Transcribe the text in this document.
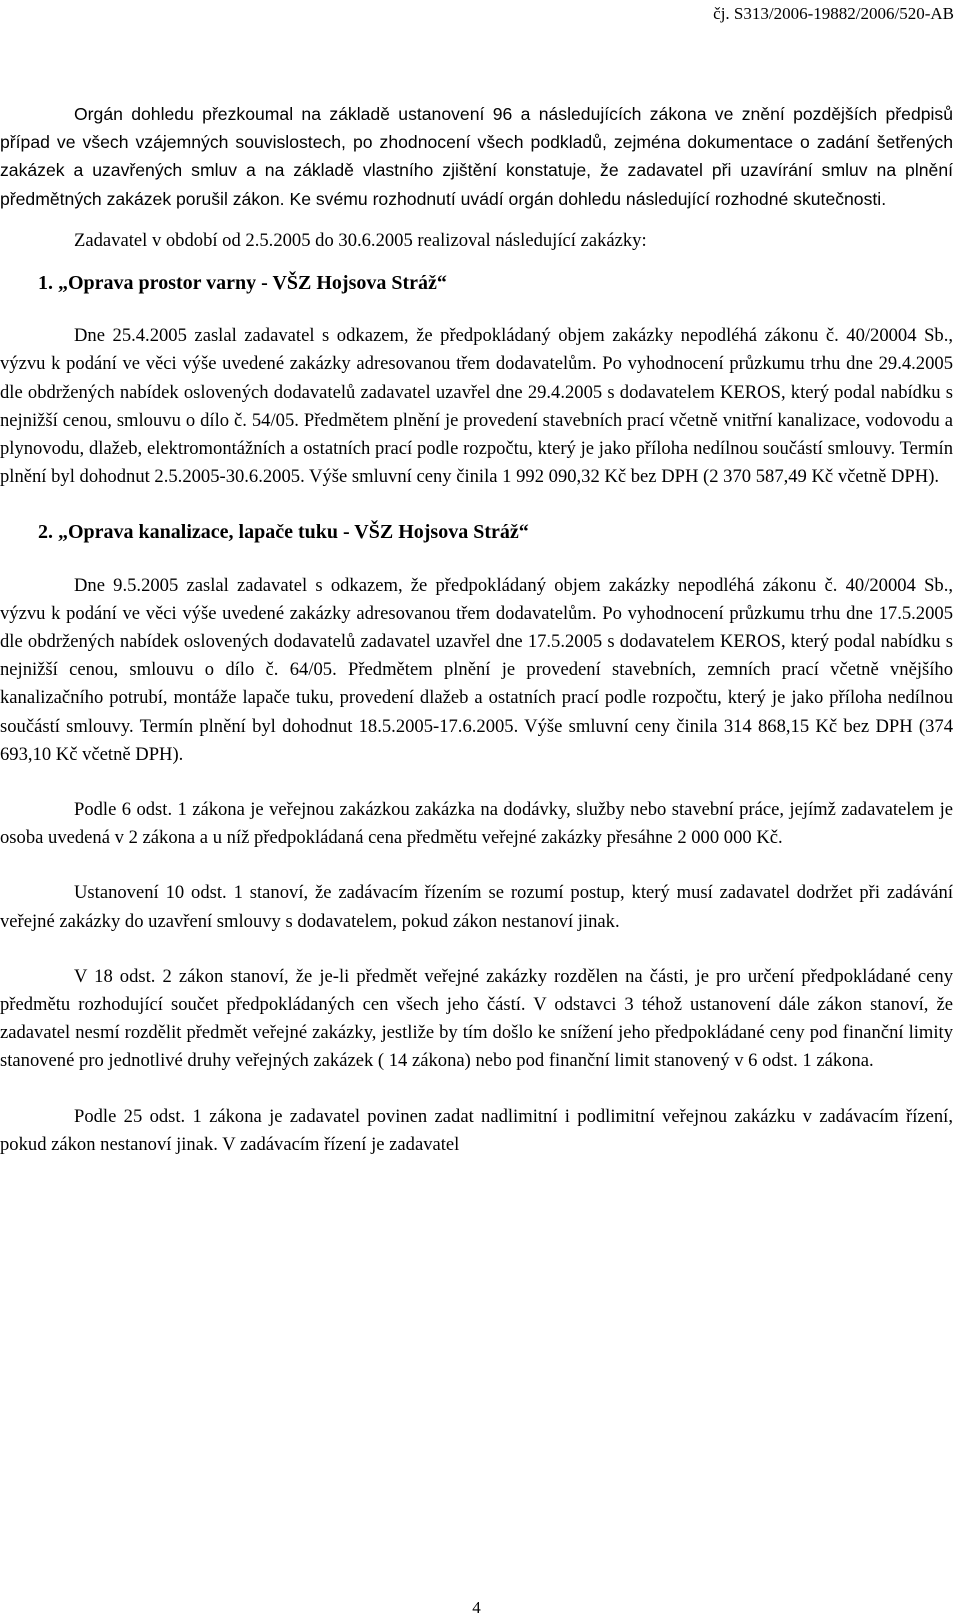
čj. S313/2006-19882/2006/520-AB

Orgán dohledu přezkoumal na základě ustanovení 96 a následujících zákona ve znění pozdějších předpisů případ ve všech vzájemných souvislostech, po zhodnocení všech podkladů, zejména dokumentace o zadání šetřených zakázek a uzavřených smluv a na základě vlastního zjištění konstatuje, že zadavatel při uzavírání smluv na plnění předmětných zakázek porušil zákon. Ke svému rozhodnutí uvádí orgán dohledu následující rozhodné skutečnosti.

Zadavatel v období od 2.5.2005 do 30.6.2005 realizoval následující zakázky:

1. „Oprava prostor varny - VŠZ Hojsova Stráž“

Dne 25.4.2005 zaslal zadavatel s odkazem, že předpokládaný objem zakázky nepodléhá zákonu č. 40/20004 Sb., výzvu k podání ve věci výše uvedené zakázky adresovanou třem dodavatelům. Po vyhodnocení průzkumu trhu dne 29.4.2005 dle obdržených nabídek oslovených dodavatelů zadavatel uzavřel dne 29.4.2005 s dodavatelem KEROS, který podal nabídku s nejnižší cenou, smlouvu o dílo č. 54/05. Předmětem plnění je provedení stavebních prací včetně vnitřní kanalizace, vodovodu a plynovodu, dlažeb, elektromontážních a ostatních prací podle rozpočtu, který je jako příloha nedílnou součástí smlouvy. Termín plnění byl dohodnut 2.5.2005-30.6.2005. Výše smluvní ceny činila 1 992 090,32 Kč bez DPH (2 370 587,49 Kč včetně DPH).

2. „Oprava kanalizace, lapače tuku - VŠZ Hojsova Stráž“

Dne 9.5.2005 zaslal zadavatel s odkazem, že předpokládaný objem zakázky nepodléhá zákonu č. 40/20004 Sb., výzvu k podání ve věci výše uvedené zakázky adresovanou třem dodavatelům. Po vyhodnocení průzkumu trhu dne 17.5.2005 dle obdržených nabídek oslovených dodavatelů zadavatel uzavřel dne 17.5.2005 s dodavatelem KEROS, který podal nabídku s nejnižší cenou, smlouvu o dílo č. 64/05. Předmětem plnění je provedení stavebních, zemních prací včetně vnějšího kanalizačního potrubí, montáže lapače tuku, provedení dlažeb a ostatních prací podle rozpočtu, který je jako příloha nedílnou součástí smlouvy. Termín plnění byl dohodnut 18.5.2005-17.6.2005. Výše smluvní ceny činila 314 868,15 Kč bez DPH (374 693,10 Kč včetně DPH).

Podle 6 odst. 1 zákona je veřejnou zakázkou zakázka na dodávky, služby nebo stavební práce, jejímž zadavatelem je osoba uvedená v 2 zákona a u níž předpokládaná cena předmětu veřejné zakázky přesáhne 2 000 000 Kč.

Ustanovení 10 odst. 1 stanoví, že zadávacím řízením se rozumí postup, který musí zadavatel dodržet při zadávání veřejné zakázky do uzavření smlouvy s dodavatelem, pokud zákon nestanoví jinak.

V 18 odst. 2 zákon stanoví, že je-li předmět veřejné zakázky rozdělen na části, je pro určení předpokládané ceny předmětu rozhodující součet předpokládaných cen všech jeho částí. V odstavci 3 téhož ustanovení dále zákon stanoví, že zadavatel nesmí rozdělit předmět veřejné zakázky, jestliže by tím došlo ke snížení jeho předpokládané ceny pod finanční limity stanovené pro jednotlivé druhy veřejných zakázek ( 14 zákona) nebo pod finanční limit stanovený v 6 odst. 1 zákona.

Podle 25 odst. 1 zákona je zadavatel povinen zadat nadlimitní i podlimitní veřejnou zakázku v zadávacím řízení, pokud zákon nestanoví jinak. V zadávacím řízení je zadavatel

4
